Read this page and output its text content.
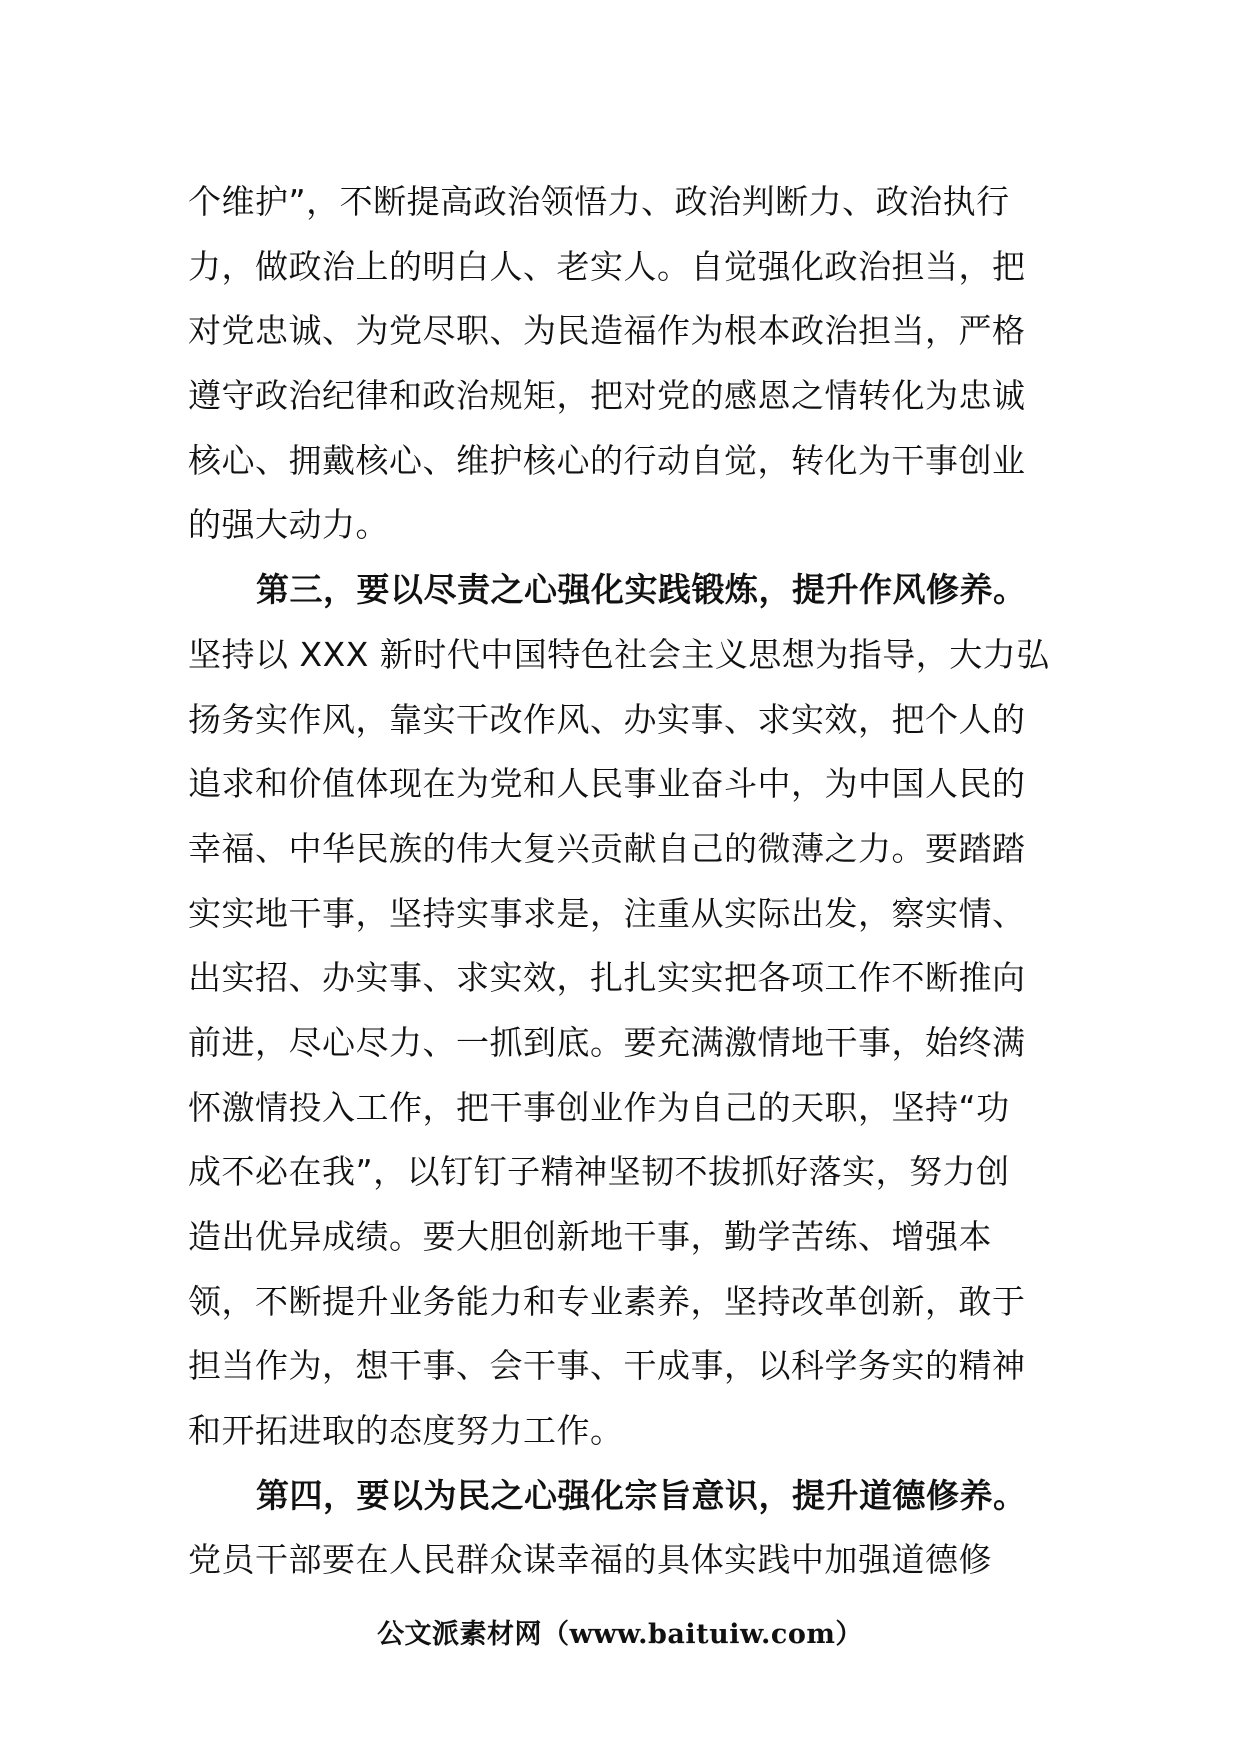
个维护”，不断提高政治领悟力、政治判断力、政治执行
力，做政治上的明白人、老实人。自觉强化政治担当，把
对党忠诚、为党尽职、为民造福作为根本政治担当，严格
遵守政治纪律和政治规矩，把对党的感恩之情转化为忠诚
核心、拥戴核心、维护核心的行动自觉，转化为干事创业
的强大动力。
第三，要以尽责之心强化实践锻炼，提升作风修养。
坚持以 XXX 新时代中国特色社会主义思想为指导，大力弘
扬务实作风，靠实干改作风、办实事、求实效，把个人的
追求和价值体现在为党和人民事业奋斗中，为中国人民的
幸福、中华民族的伟大复兴贡献自己的微薄之力。要踏踏
实实地干事，坚持实事求是，注重从实际出发，察实情、
出实招、办实事、求实效，扎扎实实把各项工作不断推向
前进，尽心尽力、一抓到底。要充满激情地干事，始终满
怀激情投入工作，把干事创业作为自己的天职，坚持“功
成不必在我”，以钉钉子精神坚韧不拔抓好落实，努力创
造出优异成绩。要大胆创新地干事，勤学苦练、增强本
领，不断提升业务能力和专业素养，坚持改革创新，敢于
担当作为，想干事、会干事、干成事，以科学务实的精神
和开拓进取的态度努力工作。
第四，要以为民之心强化宗旨意识，提升道德修养。
党员干部要在人民群众谋幸福的具体实践中加强道德修
公文派素材网（www.baituiw.com）
